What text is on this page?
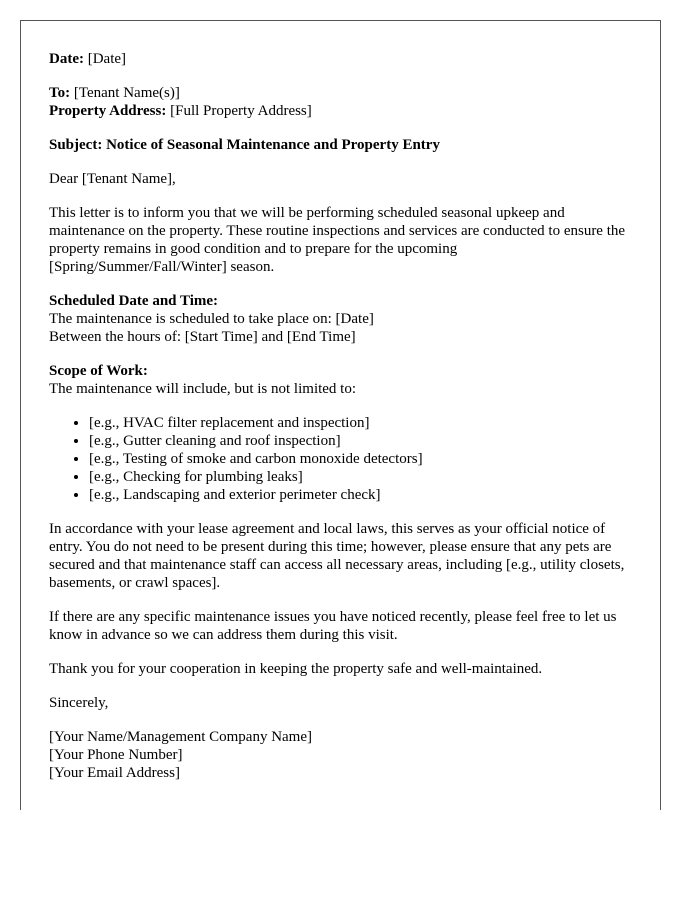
Date: [Date]

To: [Tenant Name(s)]
Property Address: [Full Property Address]

Subject: Notice of Seasonal Maintenance and Property Entry

Dear [Tenant Name],

This letter is to inform you that we will be performing scheduled seasonal upkeep and maintenance on the property. These routine inspections and services are conducted to ensure the property remains in good condition and to prepare for the upcoming [Spring/Summer/Fall/Winter] season.

Scheduled Date and Time:
The maintenance is scheduled to take place on: [Date]
Between the hours of: [Start Time] and [End Time]

Scope of Work:
The maintenance will include, but is not limited to:

• [e.g., HVAC filter replacement and inspection]
• [e.g., Gutter cleaning and roof inspection]
• [e.g., Testing of smoke and carbon monoxide detectors]
• [e.g., Checking for plumbing leaks]
• [e.g., Landscaping and exterior perimeter check]

In accordance with your lease agreement and local laws, this serves as your official notice of entry. You do not need to be present during this time; however, please ensure that any pets are secured and that maintenance staff can access all necessary areas, including [e.g., utility closets, basements, or crawl spaces].

If there are any specific maintenance issues you have noticed recently, please feel free to let us know in advance so we can address them during this visit.

Thank you for your cooperation in keeping the property safe and well-maintained.

Sincerely,

[Your Name/Management Company Name]
[Your Phone Number]
[Your Email Address]
